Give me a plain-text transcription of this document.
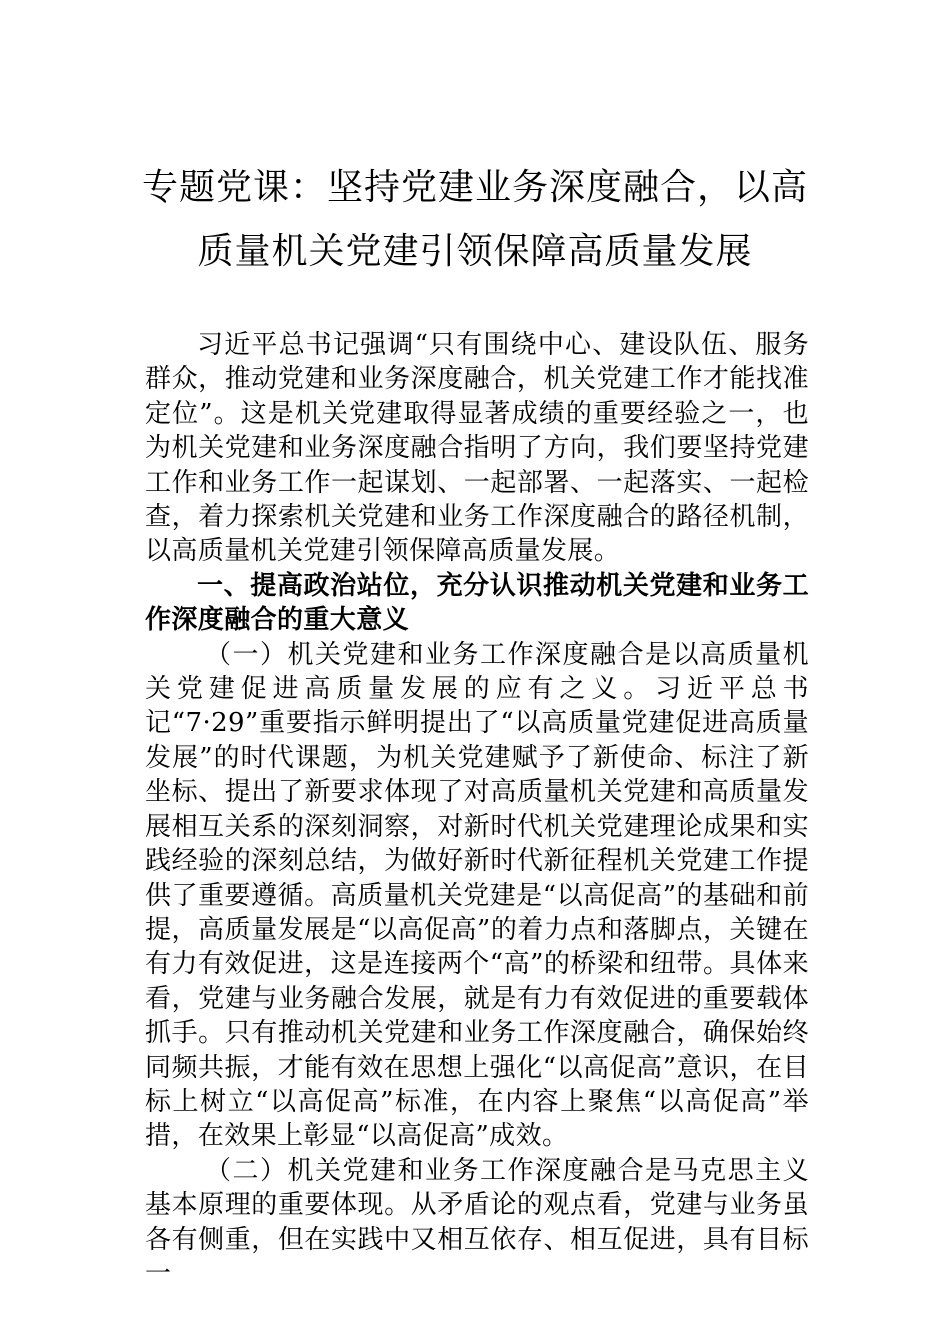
专题党课：坚持党建业务深度融合，以高
质量机关党建引领保障高质量发展

习近平总书记强调“只有围绕中心、建设队伍、服务群众，推动党建和业务深度融合，机关党建工作才能找准定位”。这是机关党建取得显著成绩的重要经验之一，也为机关党建和业务深度融合指明了方向，我们要坚持党建工作和业务工作一起谋划、一起部署、一起落实、一起检查，着力探索机关党建和业务工作深度融合的路径机制，以高质量机关党建引领保障高质量发展。

一、提高政治站位，充分认识推动机关党建和业务工作深度融合的重大意义

（一）机关党建和业务工作深度融合是以高质量机关党建促进高质量发展的应有之义。习近平总书记“7·29”重要指示鲜明提出了“以高质量党建促进高质量发展”的时代课题，为机关党建赋予了新使命、标注了新坐标、提出了新要求体现了对高质量机关党建和高质量发展相互关系的深刻洞察，对新时代机关党建理论成果和实践经验的深刻总结，为做好新时代新征程机关党建工作提供了重要遵循。高质量机关党建是“以高促高”的基础和前提，高质量发展是“以高促高”的着力点和落脚点，关键在有力有效促进，这是连接两个“高”的桥梁和纽带。具体来看，党建与业务融合发展，就是有力有效促进的重要载体抓手。只有推动机关党建和业务工作深度融合，确保始终同频共振，才能有效在思想上强化“以高促高”意识，在目标上树立“以高促高”标准，在内容上聚焦“以高促高”举措，在效果上彰显“以高促高”成效。

（二）机关党建和业务工作深度融合是马克思主义基本原理的重要体现。从矛盾论的观点看，党建与业务虽各有侧重，但在实践中又相互依存、相互促进，具有目标一
